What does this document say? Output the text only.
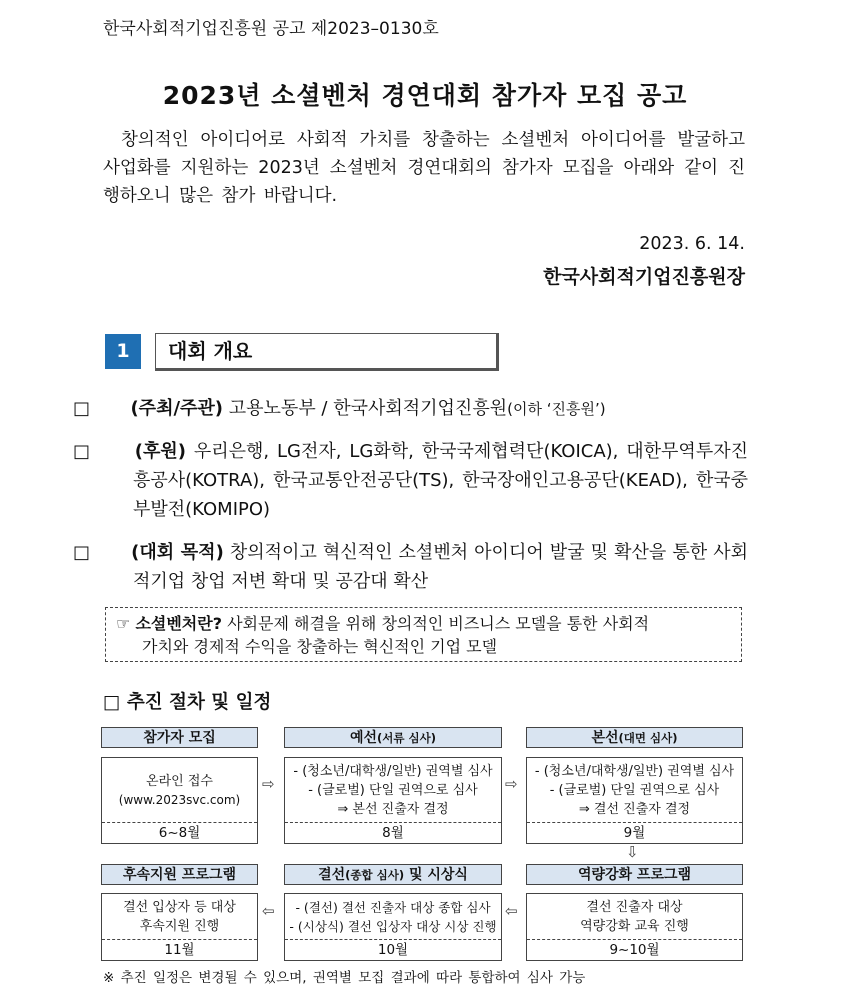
한국사회적기업진흥원 공고 제2023–0130호
2023년 소셜벤처 경연대회 참가자 모집 공고
창의적인 아이디어로 사회적 가치를 창출하는 소셜벤처 아이디어를 발굴하고 사업화를 지원하는 2023년 소셜벤처 경연대회의 참가자 모집을 아래와 같이 진행하오니 많은 참가 바랍니다.
2023. 6. 14.
한국사회적기업진흥원장
1	대회 개요
□ (주최/주관) 고용노동부 / 한국사회적기업진흥원(이하 ‘진흥원’)
□ (후원) 우리은행, LG전자, LG화학, 한국국제협력단(KOICA), 대한무역투자진흥공사(KOTRA), 한국교통안전공단(TS), 한국장애인고용공단(KEAD), 한국중부발전(KOMIPO)
□ (대회 목적) 창의적이고 혁신적인 소셜벤처 아이디어 발굴 및 확산을 통한 사회적기업 창업 저변 확대 및 공감대 확산
☞ 소셜벤처란? 사회문제 해결을 위해 창의적인 비즈니스 모델을 통한 사회적
가치와 경제적 수익을 창출하는 혁신적인 기업 모델
□ 추진 절차 및 일정
참가자 모집	예선(서류 심사)	본선(대면 심사)
온라인 접수
(www.2023svc.com)
6~8월
- (청소년/대학생/일반) 권역별 심사
- (글로벌) 단일 권역으로 심사
⇒ 본선 진출자 결정
8월
- (청소년/대학생/일반) 권역별 심사
- (글로벌) 단일 권역으로 심사
⇒ 결선 진출자 결정
9월
⇨	⇨
⇩
후속지원 프로그램	결선(종합 심사) 및 시상식	역량강화 프로그램
결선 입상자 등 대상
후속지원 진행
11월
- (결선) 결선 진출자 대상 종합 심사
- (시상식) 결선 입상자 대상 시상 진행
10월
결선 진출자 대상
역량강화 교육 진행
9~10월
⇦	⇦
※ 추진 일정은 변경될 수 있으며, 권역별 모집 결과에 따라 통합하여 심사 가능
